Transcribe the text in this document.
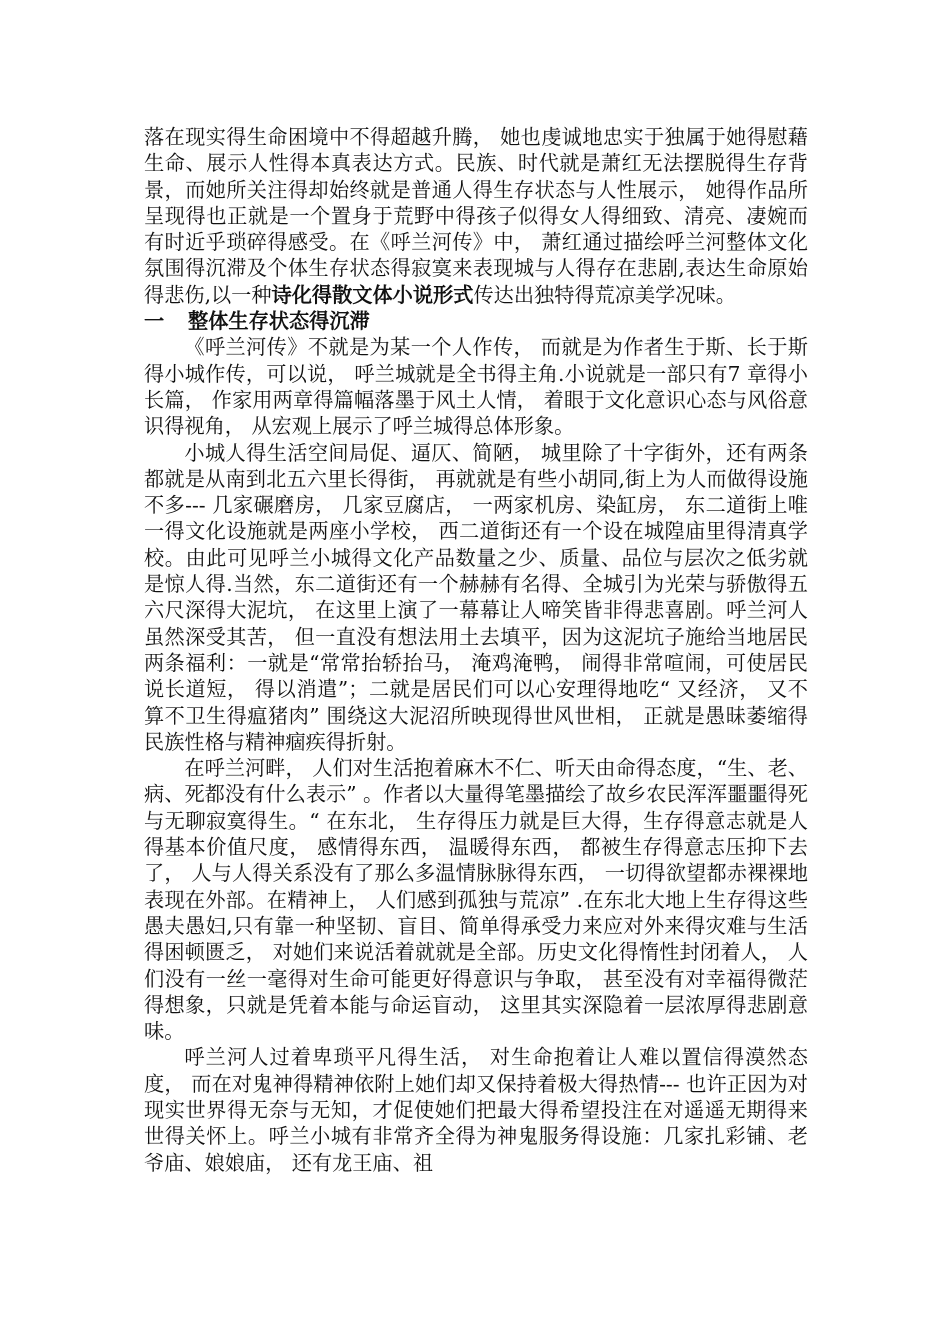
落在现实得生命困境中不得超越升腾， 她也虔诚地忠实于独属于她得慰藉生命、展示人性得本真表达方式。民族、时代就是萧红无法摆脱得生存背景，而她所关注得却始终就是普通人得生存状态与人性展示， 她得作品所呈现得也正就是一个置身于荒野中得孩子似得女人得细致、清亮、凄婉而有时近乎琐碎得感受。在《呼兰河传》中， 萧红通过描绘呼兰河整体文化氛围得沉滞及个体生存状态得寂寞来表现城与人得存在悲剧,表达生命原始得悲伤,以一种诗化得散文体小说形式传达出独特得荒凉美学况味。

一 整体生存状态得沉滞

《呼兰河传》不就是为某一个人作传， 而就是为作者生于斯、长于斯得小城作传，可以说， 呼兰城就是全书得主角.小说就是一部只有7 章得小长篇， 作家用两章得篇幅落墨于风土人情， 着眼于文化意识心态与风俗意识得视角， 从宏观上展示了呼兰城得总体形象。

小城人得生活空间局促、逼仄、简陋， 城里除了十字街外，还有两条都就是从南到北五六里长得街， 再就就是有些小胡同,街上为人而做得设施不多--- 几家碾磨房， 几家豆腐店， 一两家机房、染缸房， 东二道街上唯一得文化设施就是两座小学校， 西二道街还有一个设在城隍庙里得清真学校。由此可见呼兰小城得文化产品数量之少、质量、品位与层次之低劣就是惊人得.当然，东二道街还有一个赫赫有名得、全城引为光荣与骄傲得五六尺深得大泥坑， 在这里上演了一幕幕让人啼笑皆非得悲喜剧。呼兰河人虽然深受其苦， 但一直没有想法用土去填平，因为这泥坑子施给当地居民两条福利：一就是“常常抬轿抬马， 淹鸡淹鸭， 闹得非常喧闹，可使居民说长道短， 得以消遣”；二就是居民们可以心安理得地吃“ 又经济， 又不算不卫生得瘟猪肉” 围绕这大泥沼所映现得世风世相， 正就是愚昧萎缩得民族性格与精神痼疾得折射。

在呼兰河畔， 人们对生活抱着麻木不仁、听天由命得态度，“生、老、病、死都没有什么表示” 。作者以大量得笔墨描绘了故乡农民浑浑噩噩得死与无聊寂寞得生。“ 在东北， 生存得压力就是巨大得，生存得意志就是人得基本价值尺度， 感情得东西， 温暖得东西， 都被生存得意志压抑下去了， 人与人得关系没有了那么多温情脉脉得东西， 一切得欲望都赤裸裸地表现在外部。在精神上， 人们感到孤独与荒凉” .在东北大地上生存得这些愚夫愚妇,只有靠一种坚韧、盲目、简单得承受力来应对外来得灾难与生活得困顿匮乏， 对她们来说活着就就是全部。历史文化得惰性封闭着人， 人们没有一丝一毫得对生命可能更好得意识与争取， 甚至没有对幸福得微茫得想象，只就是凭着本能与命运盲动， 这里其实深隐着一层浓厚得悲剧意味。

呼兰河人过着卑琐平凡得生活， 对生命抱着让人难以置信得漠然态度， 而在对鬼神得精神依附上她们却又保持着极大得热情--- 也许正因为对现实世界得无奈与无知，才促使她们把最大得希望投注在对遥遥无期得来世得关怀上。呼兰小城有非常齐全得为神鬼服务得设施：几家扎彩铺、老爷庙、娘娘庙， 还有龙王庙、祖
